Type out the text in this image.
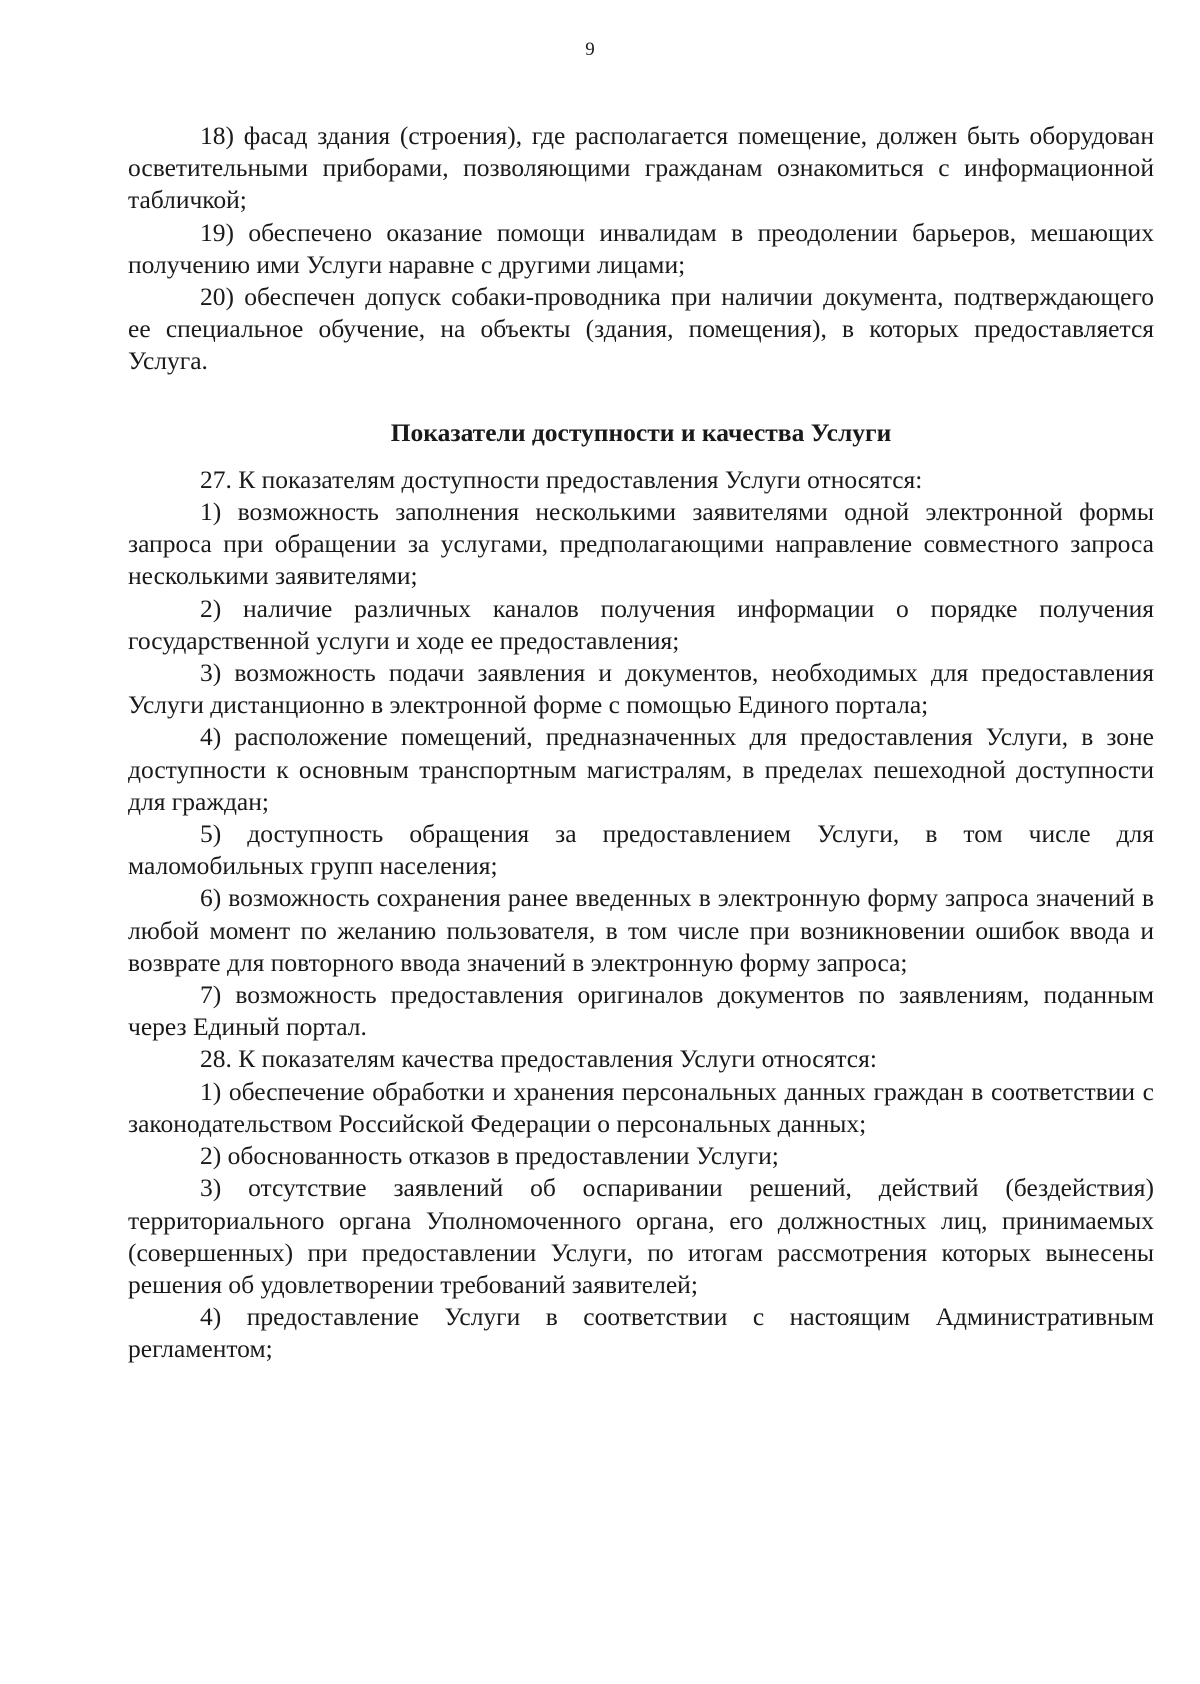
9

18) фасад здания (строения), где располагается помещение, должен быть оборудован осветительными приборами, позволяющими гражданам ознакомиться с информационной табличкой;

19) обеспечено оказание помощи инвалидам в преодолении барьеров, мешающих получению ими Услуги наравне с другими лицами;

20) обеспечен допуск собаки-проводника при наличии документа, подтверждающего ее специальное обучение, на объекты (здания, помещения), в которых предоставляется Услуга.

Показатели доступности и качества Услуги

27. К показателям доступности предоставления Услуги относятся:

1) возможность заполнения несколькими заявителями одной электронной формы запроса при обращении за услугами, предполагающими направление совместного запроса несколькими заявителями;

2) наличие различных каналов получения информации о порядке получения государственной услуги и ходе ее предоставления;

3) возможность подачи заявления и документов, необходимых для предоставления Услуги дистанционно в электронной форме с помощью Единого портала;

4) расположение помещений, предназначенных для предоставления Услуги, в зоне доступности к основным транспортным магистралям, в пределах пешеходной доступности для граждан;

5) доступность обращения за предоставлением Услуги, в том числе для маломобильных групп населения;

6) возможность сохранения ранее введенных в электронную форму запроса значений в любой момент по желанию пользователя, в том числе при возникновении ошибок ввода и возврате для повторного ввода значений в электронную форму запроса;

7) возможность предоставления оригиналов документов по заявлениям, поданным через Единый портал.

28. К показателям качества предоставления Услуги относятся:

1) обеспечение обработки и хранения персональных данных граждан в соответствии с законодательством Российской Федерации о персональных данных;

2) обоснованность отказов в предоставлении Услуги;

3) отсутствие заявлений об оспаривании решений, действий (бездействия) территориального органа Уполномоченного органа, его должностных лиц, принимаемых (совершенных) при предоставлении Услуги, по итогам рассмотрения которых вынесены решения об удовлетворении требований заявителей;

4) предоставление Услуги в соответствии с настоящим Административным регламентом;
